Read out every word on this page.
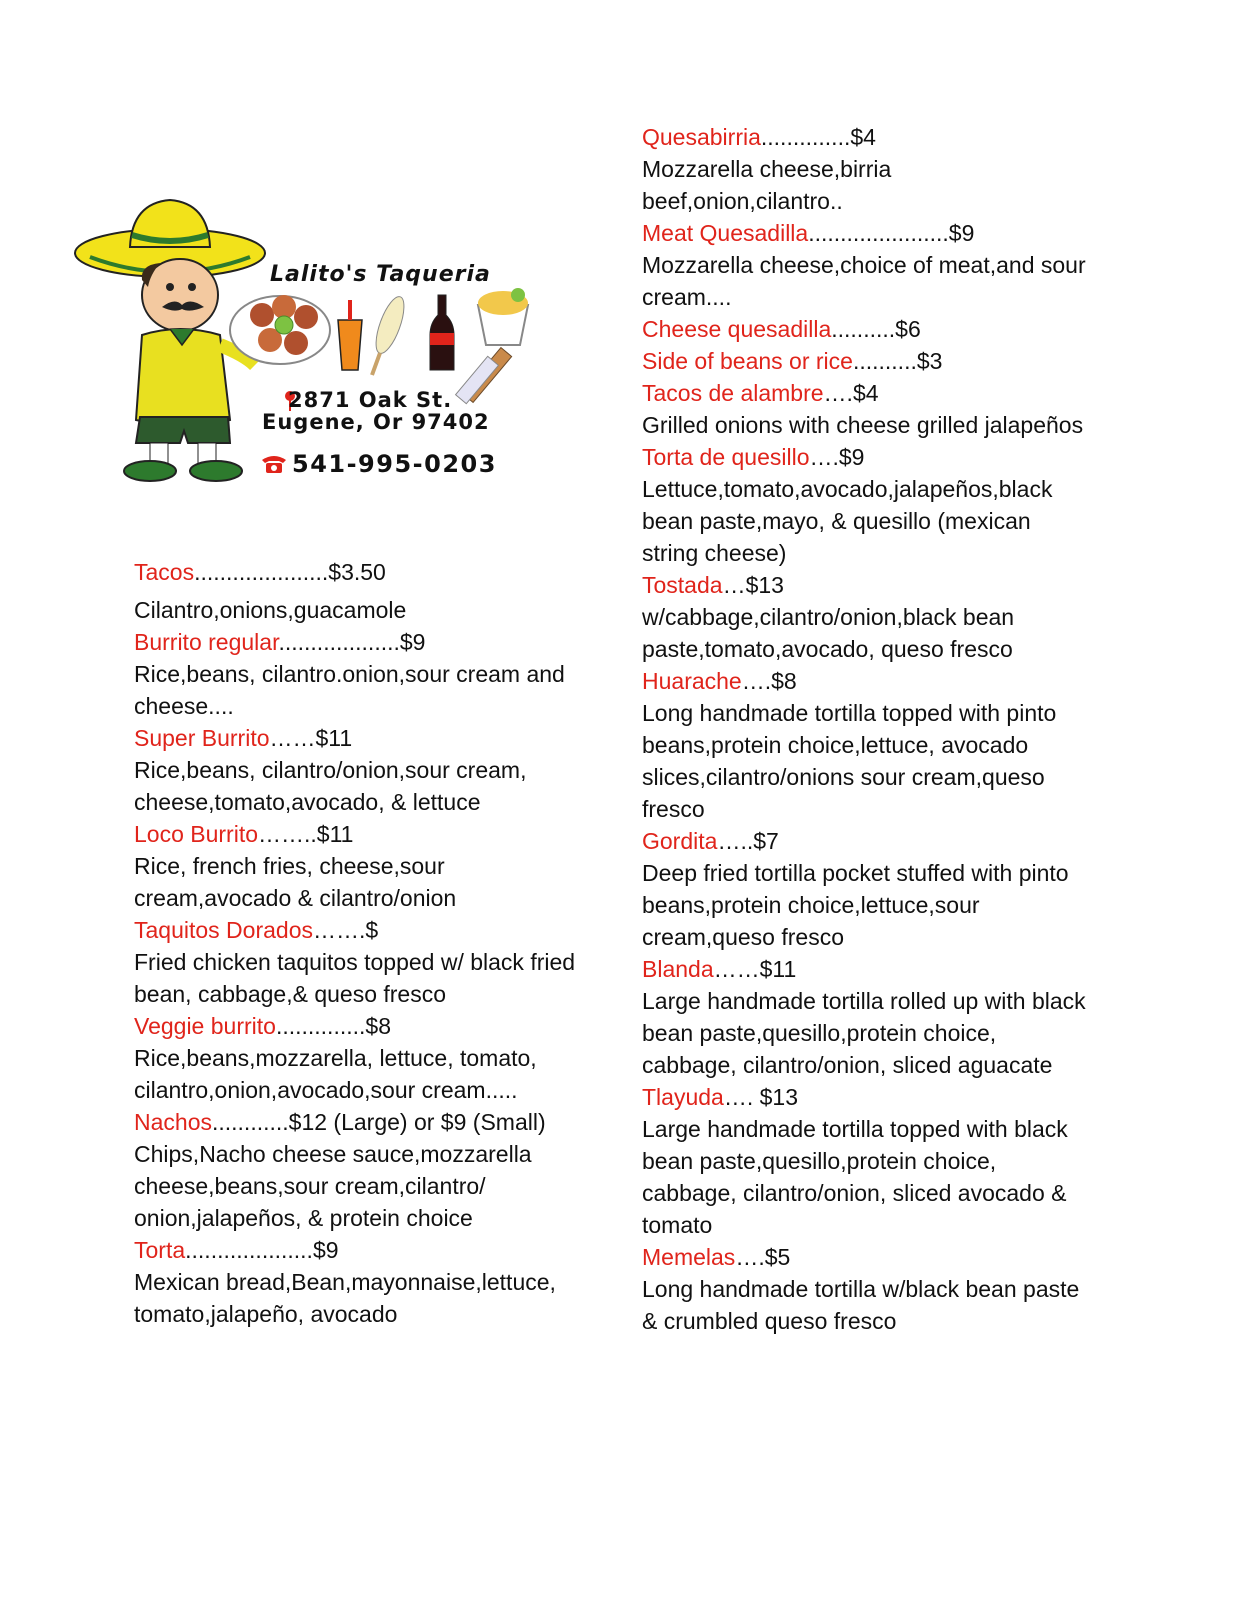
Lalito's Taqueria
2871 Oak St.
Eugene, Or 97402
541-995-0203
Tacos.....................$3.50
Cilantro,onions,guacamole
Burrito regular...................$9
Rice,beans, cilantro.onion,sour cream and cheese....
Super Burrito……$11
Rice,beans, cilantro/onion,sour cream, cheese,tomato,avocado, & lettuce
Loco Burrito……..$11
Rice, french fries, cheese,sour cream,avocado & cilantro/onion
Taquitos Dorados…….$
Fried chicken taquitos topped w/ black fried bean, cabbage,& queso fresco
Veggie burrito..............$8
Rice,beans,mozzarella, lettuce, tomato, cilantro,onion,avocado,sour cream.....
Nachos............$12 (Large) or $9 (Small)
Chips,Nacho cheese sauce,mozzarella cheese,beans,sour cream,cilantro/ onion,jalapeños, & protein choice
Torta....................$9
Mexican bread,Bean,mayonnaise,lettuce, tomato,jalapeño, avocado
Quesabirria..............$4
Mozzarella cheese,birria beef,onion,cilantro..
Meat Quesadilla......................$9
Mozzarella cheese,choice of meat,and sour cream....
Cheese quesadilla..........$6
Side of beans or rice..........$3
Tacos de alambre….$4
Grilled onions with cheese grilled jalapeños
Torta de quesillo….$9
Lettuce,tomato,avocado,jalapeños,black bean paste,mayo, & quesillo (mexican string cheese)
Tostada…$13
w/cabbage,cilantro/onion,black bean paste,tomato,avocado, queso fresco
Huarache….$8
Long handmade tortilla topped with pinto beans,protein choice,lettuce, avocado slices,cilantro/onions sour cream,queso fresco
Gordita…..$7
Deep fried tortilla pocket stuffed with pinto beans,protein choice,lettuce,sour cream,queso fresco
Blanda……$11
Large handmade tortilla rolled up with black bean paste,quesillo,protein choice, cabbage, cilantro/onion, sliced aguacate
Tlayuda…. $13
Large handmade tortilla topped with black bean paste,quesillo,protein choice, cabbage, cilantro/onion, sliced avocado & tomato
Memelas….$5
Long handmade tortilla w/black bean paste & crumbled queso fresco
